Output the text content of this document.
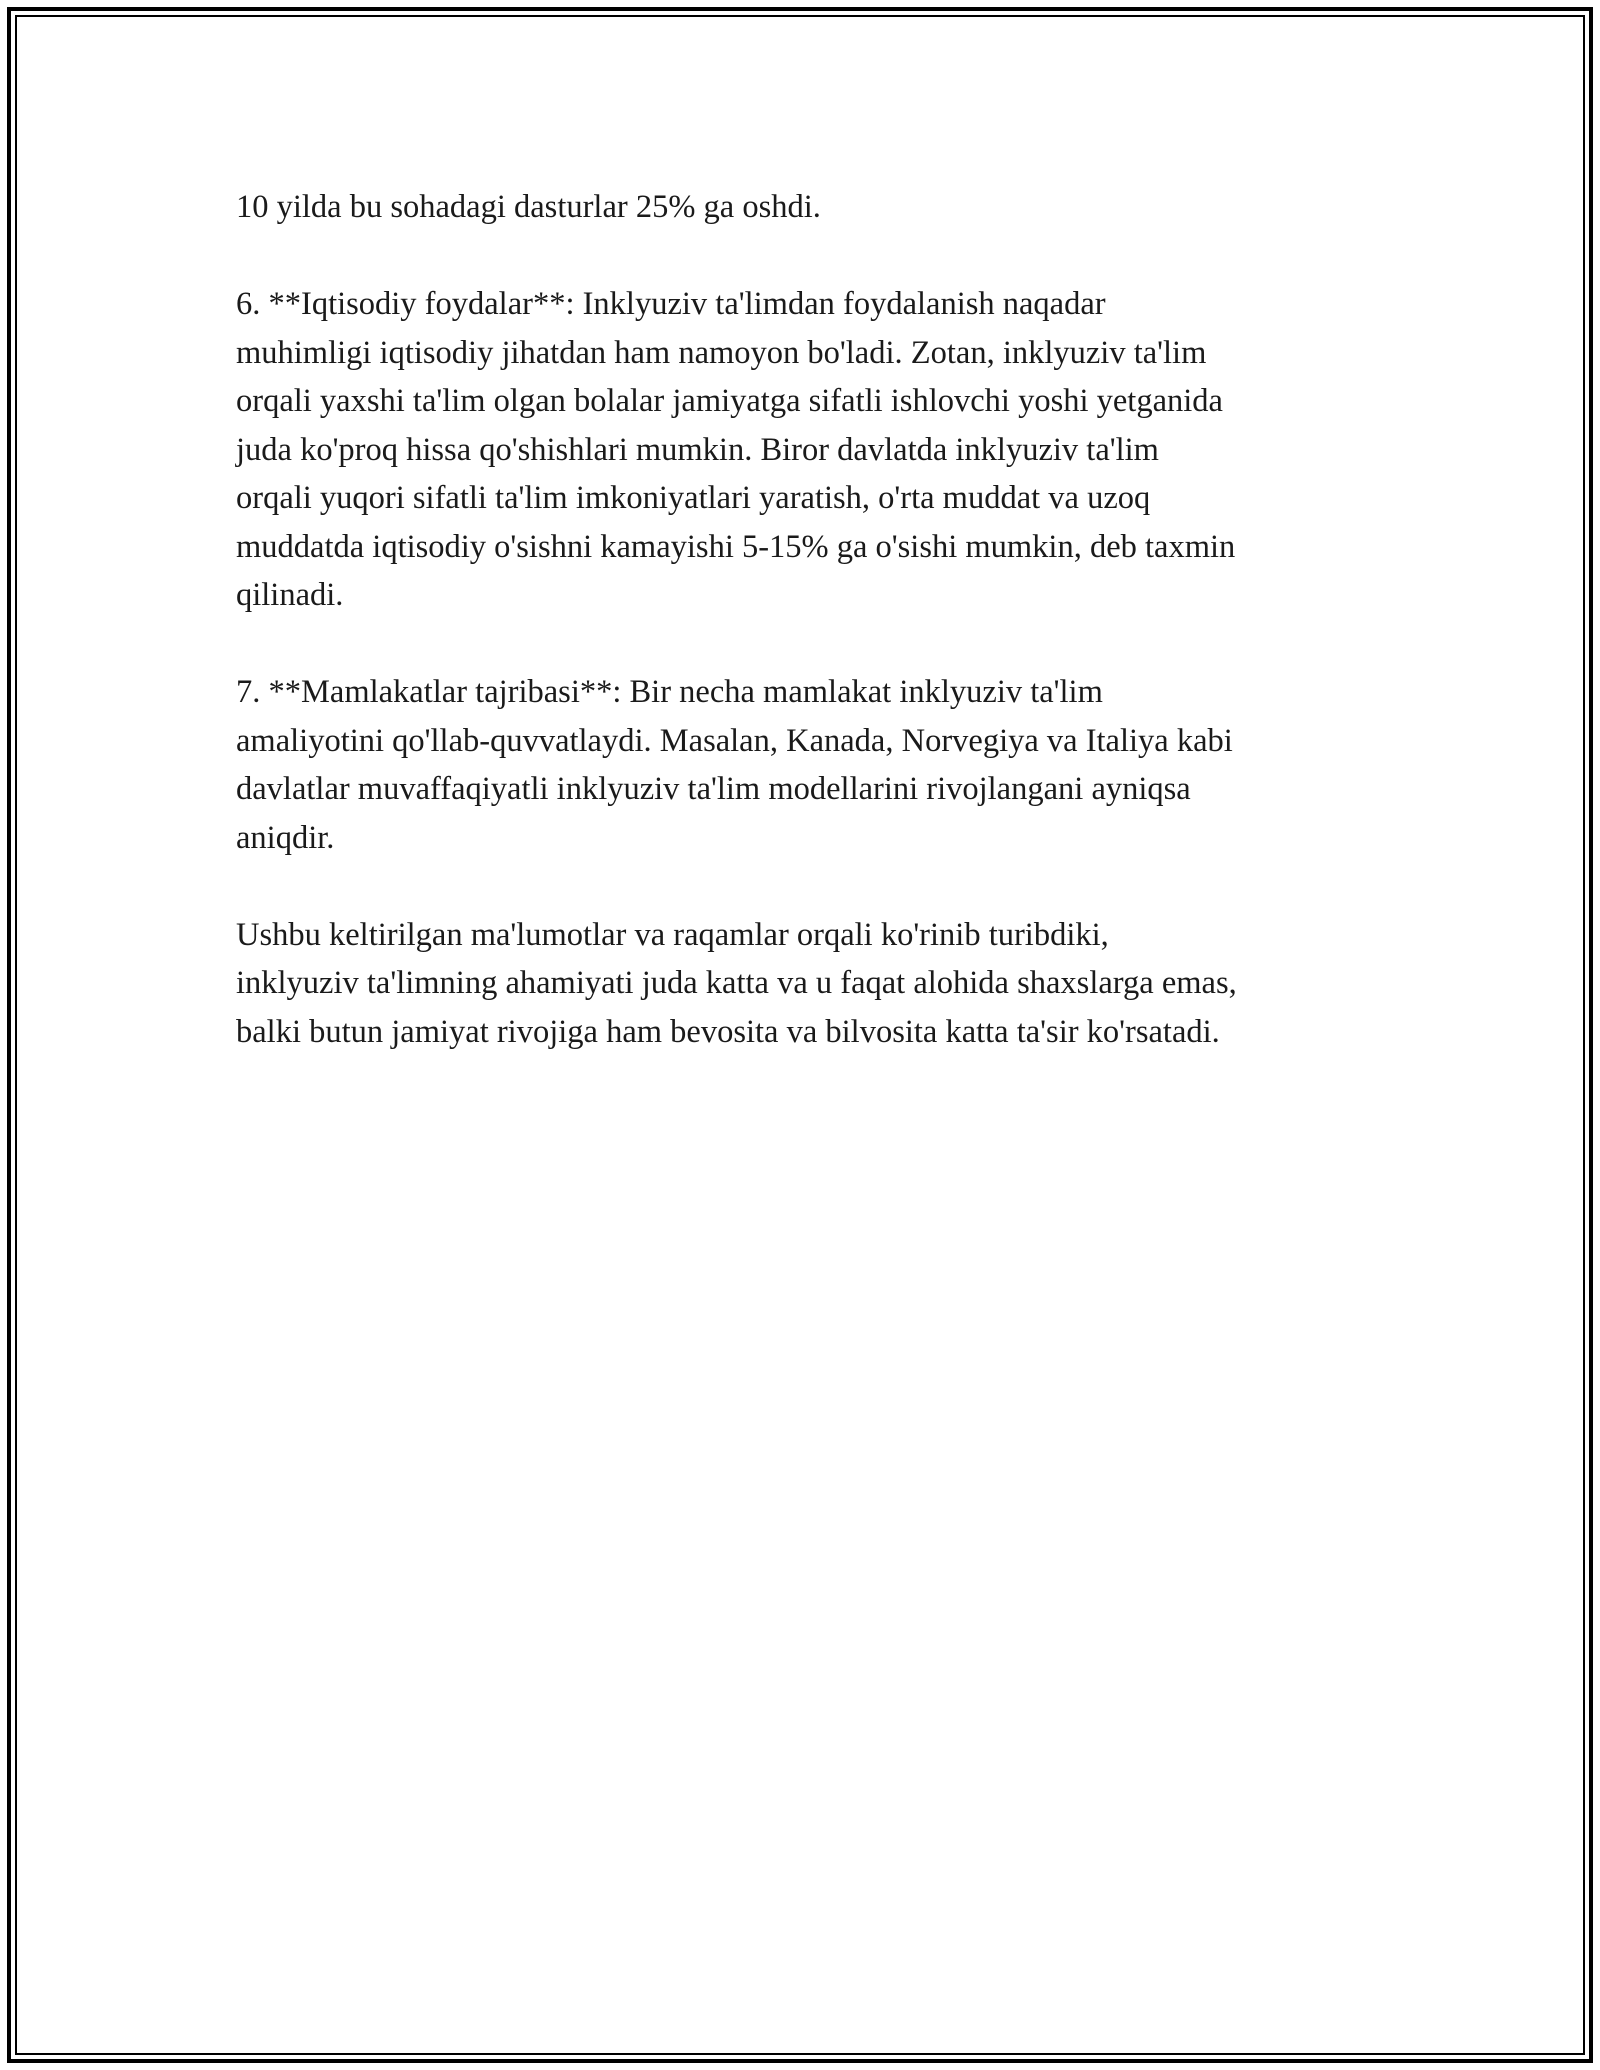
10 yilda bu sohadagi dasturlar 25% ga oshdi.

6. **Iqtisodiy foydalar**: Inklyuziv ta'limdan foydalanish naqadar
muhimligi iqtisodiy jihatdan ham namoyon bo'ladi. Zotan, inklyuziv ta'lim
orqali yaxshi ta'lim olgan bolalar jamiyatga sifatli ishlovchi yoshi yetganida
juda ko'proq hissa qo'shishlari mumkin. Biror davlatda inklyuziv ta'lim
orqali yuqori sifatli ta'lim imkoniyatlari yaratish, o'rta muddat va uzoq
muddatda iqtisodiy o'sishni kamayishi 5-15% ga o'sishi mumkin, deb taxmin
qilinadi.

7. **Mamlakatlar tajribasi**: Bir necha mamlakat inklyuziv ta'lim
amaliyotini qo'llab-quvvatlaydi. Masalan, Kanada, Norvegiya va Italiya kabi
davlatlar muvaffaqiyatli inklyuziv ta'lim modellarini rivojlangani ayniqsa
aniqdir.

Ushbu keltirilgan ma'lumotlar va raqamlar orqali ko'rinib turibdiki,
inklyuziv ta'limning ahamiyati juda katta va u faqat alohida shaxslarga emas,
balki butun jamiyat rivojiga ham bevosita va bilvosita katta ta'sir ko'rsatadi.
